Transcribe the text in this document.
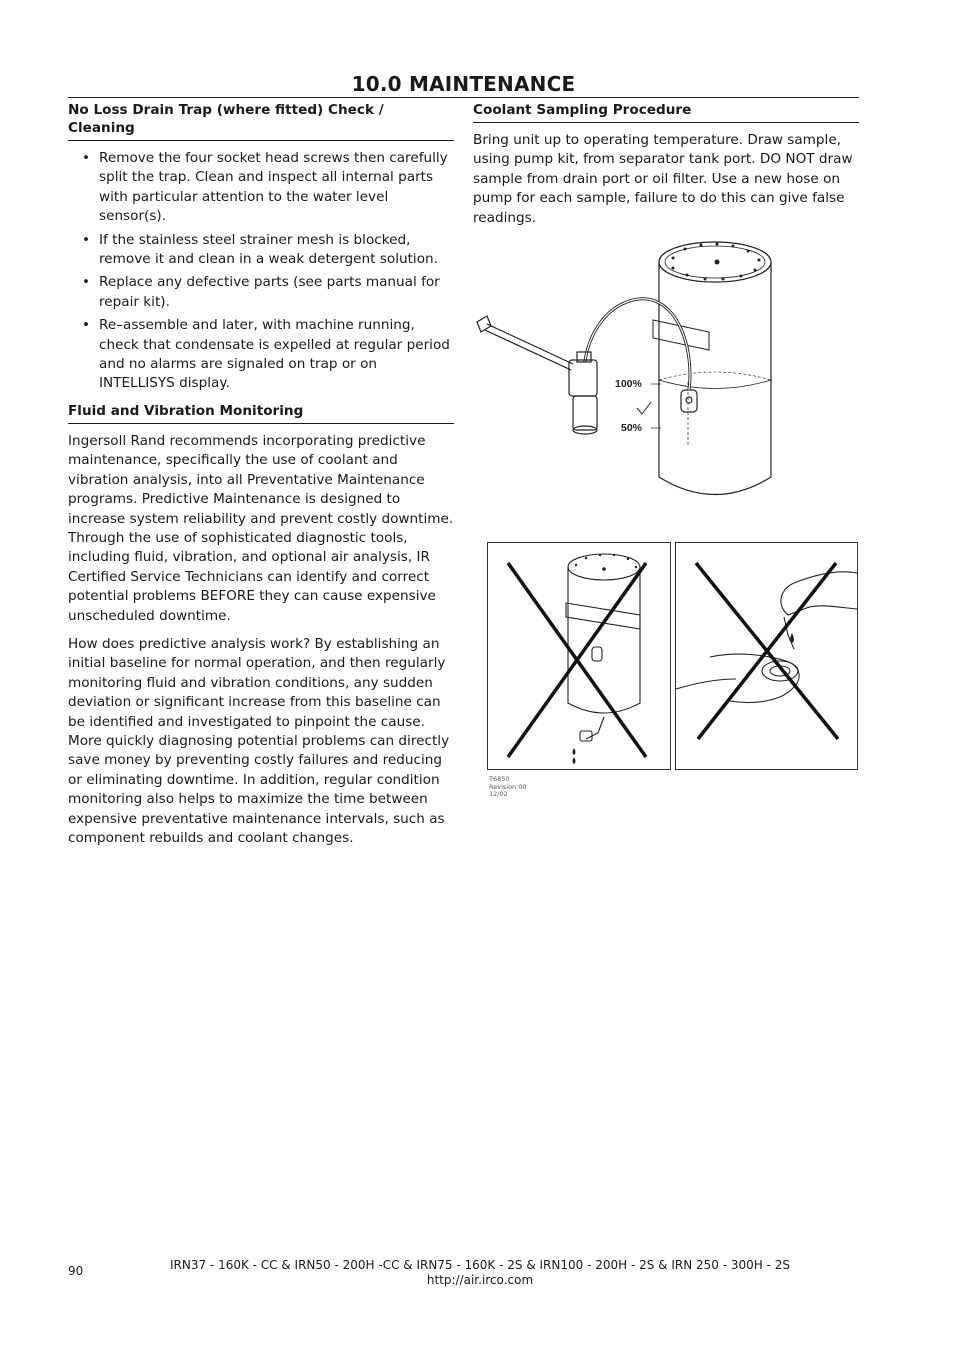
10.0 MAINTENANCE
No Loss Drain Trap (where fitted) Check / Cleaning
• Remove the four socket head screws then carefully split the trap. Clean and inspect all internal parts with particular attention to the water level sensor(s).
• If the stainless steel strainer mesh is blocked, remove it and clean in a weak detergent solution.
• Replace any defective parts (see parts manual for repair kit).
• Re–assemble and later, with machine running, check that condensate is expelled at regular period and no alarms are signaled on trap or on INTELLISYS display.
Fluid and Vibration Monitoring

Ingersoll Rand recommends incorporating predictive maintenance, specifically the use of coolant and vibration analysis, into all Preventative Maintenance programs. Predictive Maintenance is designed to increase system reliability and prevent costly downtime. Through the use of sophisticated diagnostic tools, including fluid, vibration, and optional air analysis, IR Certified Service Technicians can identify and correct potential problems BEFORE they can cause expensive unscheduled downtime.

How does predictive analysis work? By establishing an initial baseline for normal operation, and then regularly monitoring fluid and vibration conditions, any sudden deviation or significant increase from this baseline can be identified and investigated to pinpoint the cause. More quickly diagnosing potential problems can directly save money by preventing costly failures and reducing or eliminating downtime. In addition, regular condition monitoring also helps to maximize the time between expensive preventative maintenance intervals, such as component rebuilds and coolant changes.

Coolant Sampling Procedure

Bring unit up to operating temperature. Draw sample, using pump kit, from separator tank port. DO NOT draw sample from drain port or oil filter. Use a new hose on pump for each sample, failure to do this can give false readings.

100%
50%
T6850
Revision 00
12/02
90	IRN37 - 160K - CC & IRN50 - 200H -CC & IRN75 - 160K - 2S & IRN100 - 200H - 2S & IRN 250 - 300H - 2S
http://air.irco.com
